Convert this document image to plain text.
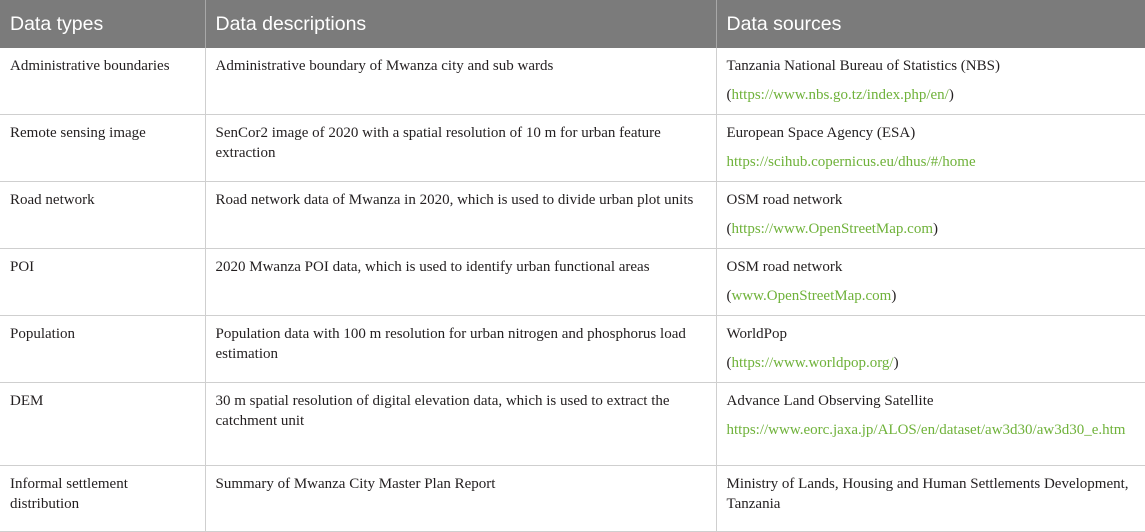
Data types	Data descriptions	Data sources
Administrative boundaries	Administrative boundary of Mwanza city and sub wards	Tanzania National Bureau of Statistics (NBS)
(https://www.nbs.go.tz/index.php/en/)

Remote sensing image	SenCor2 image of 2020 with a spatial resolution of 10 m for urban feature extraction	European Space Agency (ESA)
https://scihub.copernicus.eu/dhus/#/home

Road network	Road network data of Mwanza in 2020, which is used to divide urban plot units	OSM road network
(https://www.OpenStreetMap.com)

POI	2020 Mwanza POI data, which is used to identify urban functional areas	OSM road network
(www.OpenStreetMap.com)

Population	Population data with 100 m resolution for urban nitrogen and phosphorus load estimation	WorldPop
(https://www.worldpop.org/)

DEM	30 m spatial resolution of digital elevation data, which is used to extract the catchment unit	Advance Land Observing Satellite
https://www.eorc.jaxa.jp/ALOS/en/dataset/aw3d30/aw3d30_e.htm

Informal settlement distribution	Summary of Mwanza City Master Plan Report	Ministry of Lands, Housing and Human Settlements Development, Tanzania
